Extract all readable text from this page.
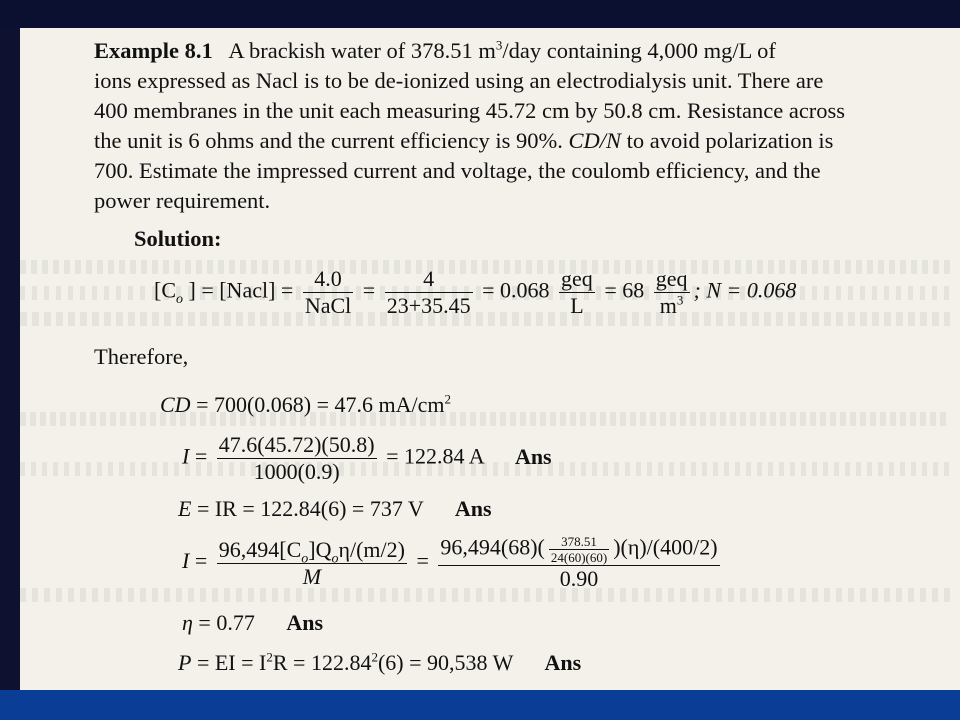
Example 8.1 A brackish water of 378.51 $m^3$/day containing 4,000 mg/L of
ions expressed as Nacl is to be de-ionized using an electrodialysis unit. There are
400 membranes in the unit each measuring 45.72 cm by 50.8 cm. Resistance across
the unit is 6 ohms and the current efficiency is 90%. CD/N to avoid polarization is
700. Estimate the impressed current and voltage, the coulomb efficiency, and the
power requirement.
Solution:
[$C_o$ ] = [Nacl] = $\frac{4.0}{\text{NaCl}} = \frac{4}{23+35.45} = 0.068 \frac{\text{geq}}{L} = 68 \frac{\text{geq}}{m^3}$ ; N = 0.068
Therefore,
CD = 700(0.068) = 47.6 $mA/cm^2$
$I = \frac{47.6(45.72)(50.8)}{1000(0.9)} = 122.84$ A Ans
E = IR = 122.84(6) = 737 V Ans
$I = \frac{96,494[C_o]Q_o\eta/(m/2)}{M} = \frac{96,494(68)( \frac{378.51}{24(60)(60)} )(\eta)/(400/2)}{0.90}$
η = 0.77 Ans
P = EI = $I^2R = 122.84^2(6) = 90,538$ W Ans
